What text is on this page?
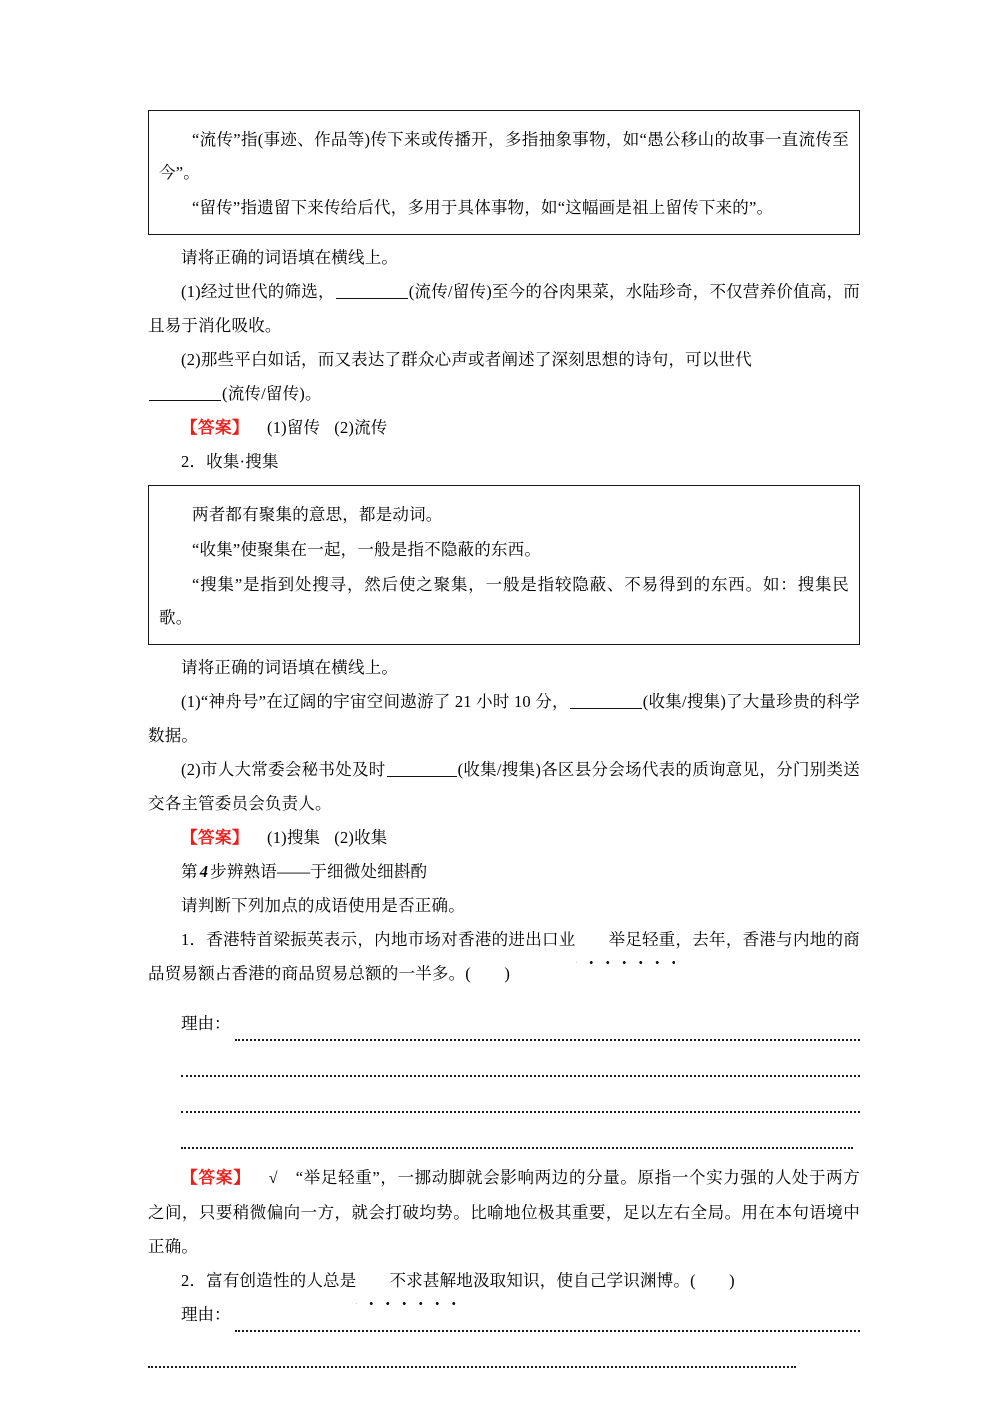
“流传”指(事迹、作品等)传下来或传播开，多指抽象事物，如“愚公移山的故事一直流传至今”。

“留传”指遗留下来传给后代，多用于具体事物，如“这幅画是祖上留传下来的”。

请将正确的词语填在横线上。

(1)经过世代的筛选，	(流传/留传)至今的谷肉果菜，水陆珍奇，不仅营养价值高，而且易于消化吸收。

(2)那些平白如话，而又表达了群众心声或者阐述了深刻思想的诗句，可以世代
(流传/留传)。

【答案】 (1)留传 (2)流传

2．收集·搜集

两者都有聚集的意思，都是动词。

“收集”使聚集在一起，一般是指不隐蔽的东西。

“搜集”是指到处搜寻，然后使之聚集，一般是指较隐蔽、不易得到的东西。如：搜集民歌。

请将正确的词语填在横线上。

(1)“神舟号”在辽阔的宇宙空间遨游了 21 小时 10 分，	(收集/搜集)了大量珍贵的科学数据。

(2)市人大常委会秘书处及时	(收集/搜集)各区县分会场代表的质询意见，分门别类送交各主管委员会负责人。

【答案】 (1)搜集 (2)收集

第 4 步辨熟语——于细微处细斟酌

请判断下列加点的成语使用是否正确。

1．香港特首梁振英表示，内地市场对香港的进出口业 举足轻重，去年，香港与内地的商品贸易额占香港的商品贸易总额的一半多。(　　)

理由：

【答案】 √ “举足轻重”，一挪动脚就会影响两边的分量。原指一个实力强的人处于两方之间，只要稍微偏向一方，就会打破均势。比喻地位极其重要，足以左右全局。用在本句语境中正确。

2．富有创造性的人总是 不求甚解地汲取知识，使自己学识渊博。(　　)

理由：
